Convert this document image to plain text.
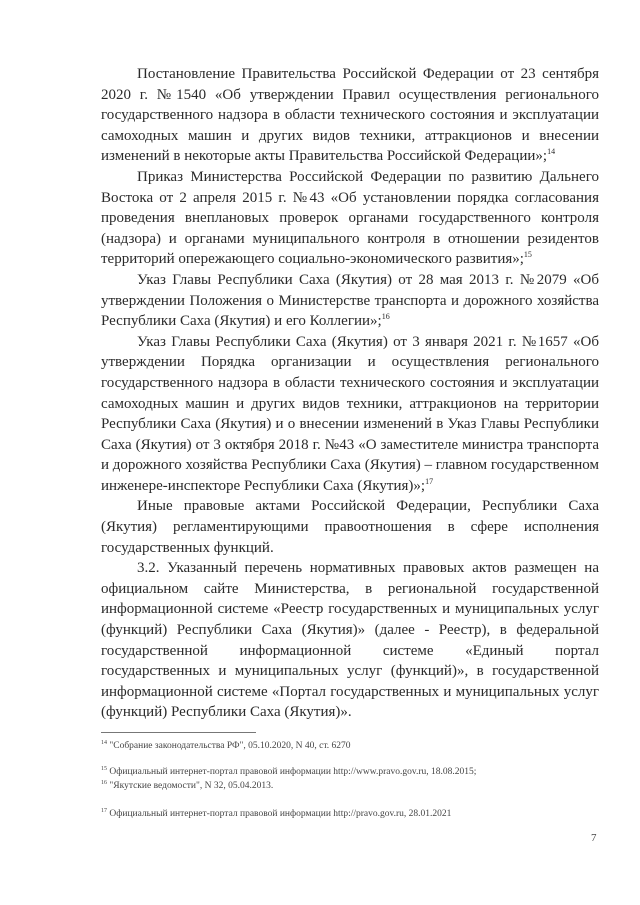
Постановление Правительства Российской Федерации от 23 сентября 2020 г. №1540 «Об утверждении Правил осуществления регионального государственного надзора в области технического состояния и эксплуатации самоходных машин и других видов техники, аттракционов и внесении изменений в некоторые акты Правительства Российской Федерации»;$^{14}$

Приказ Министерства Российской Федерации по развитию Дальнего Востока от 2 апреля 2015 г. №43 «Об установлении порядка согласования проведения внеплановых проверок органами государственного контроля (надзора) и органами муниципального контроля в отношении резидентов территорий опережающего социально-экономического развития»;$^{15}$

Указ Главы Республики Саха (Якутия) от 28 мая 2013 г. №2079 «Об утверждении Положения о Министерстве транспорта и дорожного хозяйства Республики Саха (Якутия) и его Коллегии»;$^{16}$

Указ Главы Республики Саха (Якутия) от 3 января 2021 г. №1657 «Об утверждении Порядка организации и осуществления регионального государственного надзора в области технического состояния и эксплуатации самоходных машин и других видов техники, аттракционов на территории Республики Саха (Якутия) и о внесении изменений в Указ Главы Республики Саха (Якутия) от 3 октября 2018 г. №43 «О заместителе министра транспорта и дорожного хозяйства Республики Саха (Якутия) – главном государственном инженере-инспекторе Республики Саха (Якутия)»;$^{17}$

Иные правовые актами Российской Федерации, Республики Саха (Якутия) регламентирующими правоотношения в сфере исполнения государственных функций.

3.2. Указанный перечень нормативных правовых актов размещен на официальном сайте Министерства, в региональной государственной информационной системе «Реестр государственных и муниципальных услуг (функций) Республики Саха (Якутия)» (далее - Реестр), в федеральной государственной информационной системе «Единый портал государственных и муниципальных услуг (функций)», в государственной информационной системе «Портал государственных и муниципальных услуг (функций) Республики Саха (Якутия)».

$^{14}$ "Собрание законодательства РФ", 05.10.2020, N 40, ст. 6270
$^{15}$ Официальный интернет-портал правовой информации http://www.pravo.gov.ru, 18.08.2015;
$^{16}$ "Якутские ведомости", N 32, 05.04.2013.
$^{17}$ Официальный интернет-портал правовой информации http://pravo.gov.ru, 28.01.2021
7
